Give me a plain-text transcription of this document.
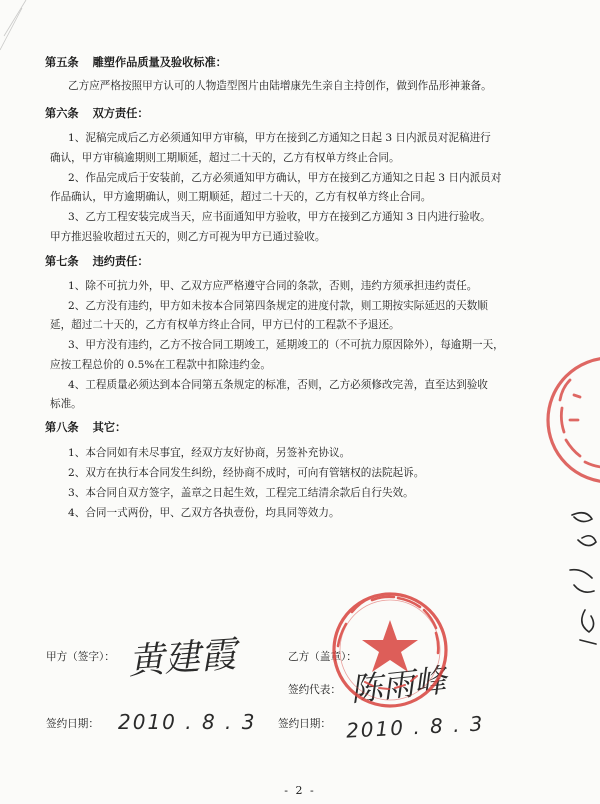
第五条 雕塑作品质量及验收标准：
乙方应严格按照甲方认可的人物造型图片由陆增康先生亲自主持创作，做到作品形神兼备。
第六条 双方责任：
1、泥稿完成后乙方必须通知甲方审稿，甲方在接到乙方通知之日起 3 日内派员对泥稿进行
确认，甲方审稿逾期则工期顺延，超过二十天的，乙方有权单方终止合同。
2、作品完成后于安装前，乙方必须通知甲方确认，甲方在接到乙方通知之日起 3 日内派员对
作品确认，甲方逾期确认，则工期顺延，超过二十天的，乙方有权单方终止合同。
3、乙方工程安装完成当天，应书面通知甲方验收，甲方在接到乙方通知 3 日内进行验收。
甲方推迟验收超过五天的，则乙方可视为甲方已通过验收。
第七条 违约责任：
1、除不可抗力外，甲、乙双方应严格遵守合同的条款，否则，违约方须承担违约责任。
2、乙方没有违约，甲方如未按本合同第四条规定的进度付款，则工期按实际延迟的天数顺
延，超过二十天的，乙方有权单方终止合同，甲方已付的工程款不予退还。
3、甲方没有违约，乙方不按合同工期竣工，延期竣工的（不可抗力原因除外），每逾期一天，
应按工程总价的 0.5%在工程款中扣除违约金。
4、工程质量必须达到本合同第五条规定的标准，否则，乙方必须修改完善，直至达到验收
标准。
第八条 其它：
1、本合同如有未尽事宜，经双方友好协商，另签补充协议。
2、双方在执行本合同发生纠纷，经协商不成时，可向有管辖权的法院起诉。
3、本合同自双方签字，盖章之日起生效，工程完工结清余款后自行失效。
4、合同一式两份，甲、乙双方各执壹份，均具同等效力。
甲方（签字）： 黄建霞	乙方（盖章）：
签约代表： 陈雨峰
签约日期： 2010 . 8 . 3 签约日期： 2010 . 8 . 3
- 2 -
